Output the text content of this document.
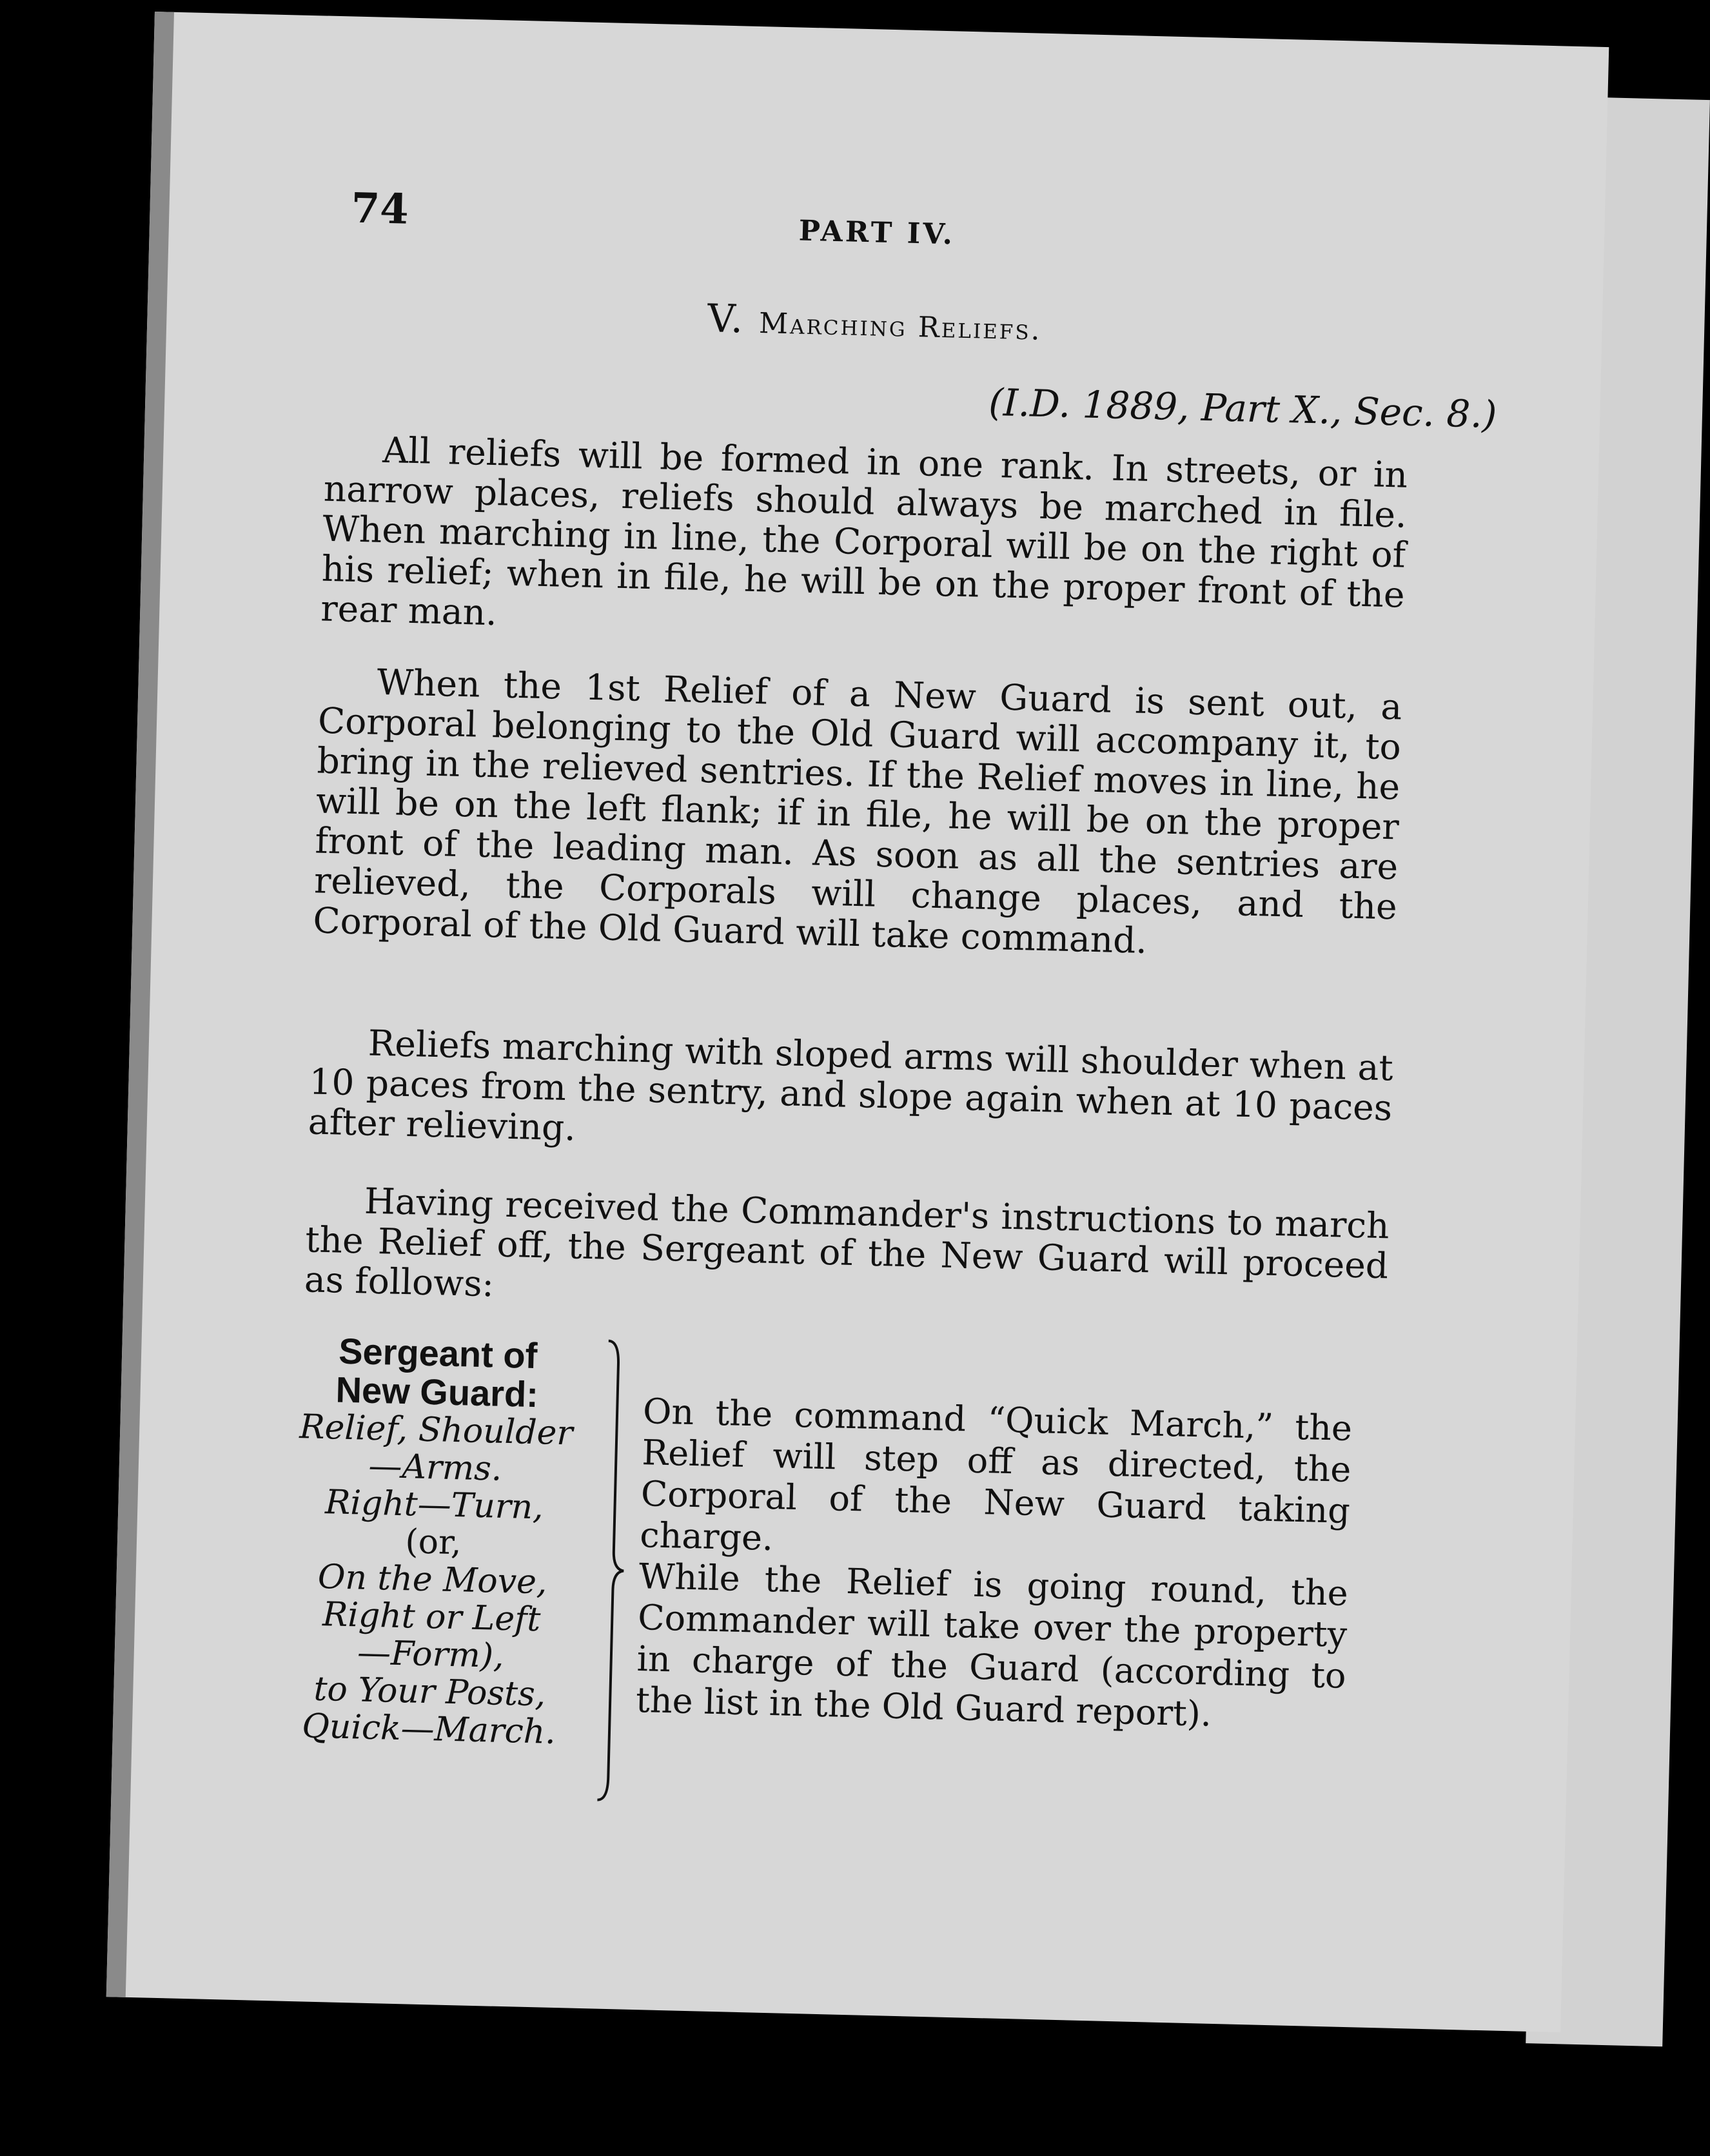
74	PART IV.
V. Marching Reliefs.
(I.D. 1889, Part X., Sec. 8.)

All reliefs will be formed in one rank. In streets, or in narrow places, reliefs should always be marched in file. When marching in line, the Corporal will be on the right of his relief; when in file, he will be on the proper front of the rear man.

When the 1st Relief of a New Guard is sent out, a Corporal belonging to the Old Guard will accompany it, to bring in the relieved sentries. If the Relief moves in line, he will be on the left flank; if in file, he will be on the proper front of the leading man. As soon as all the sentries are relieved, the Corporals will change places, and the Corporal of the Old Guard will take command.

Reliefs marching with sloped arms will shoulder when at 10 paces from the sentry, and slope again when at 10 paces after relieving.

Having received the Commander's instructions to march the Relief off, the Sergeant of the New Guard will proceed as follows:

Sergeant of
New Guard:
Relief, Shoulder
—Arms.
Right—Turn,
(or,
On the Move,
Right or Left
—Form),
to Your Posts,
Quick—March.

On the command “Quick March,” the Relief will step off as directed, the Corporal of the New Guard taking charge.

While the Relief is going round, the Commander will take over the property in charge of the Guard (according to the list in the Old Guard report).
